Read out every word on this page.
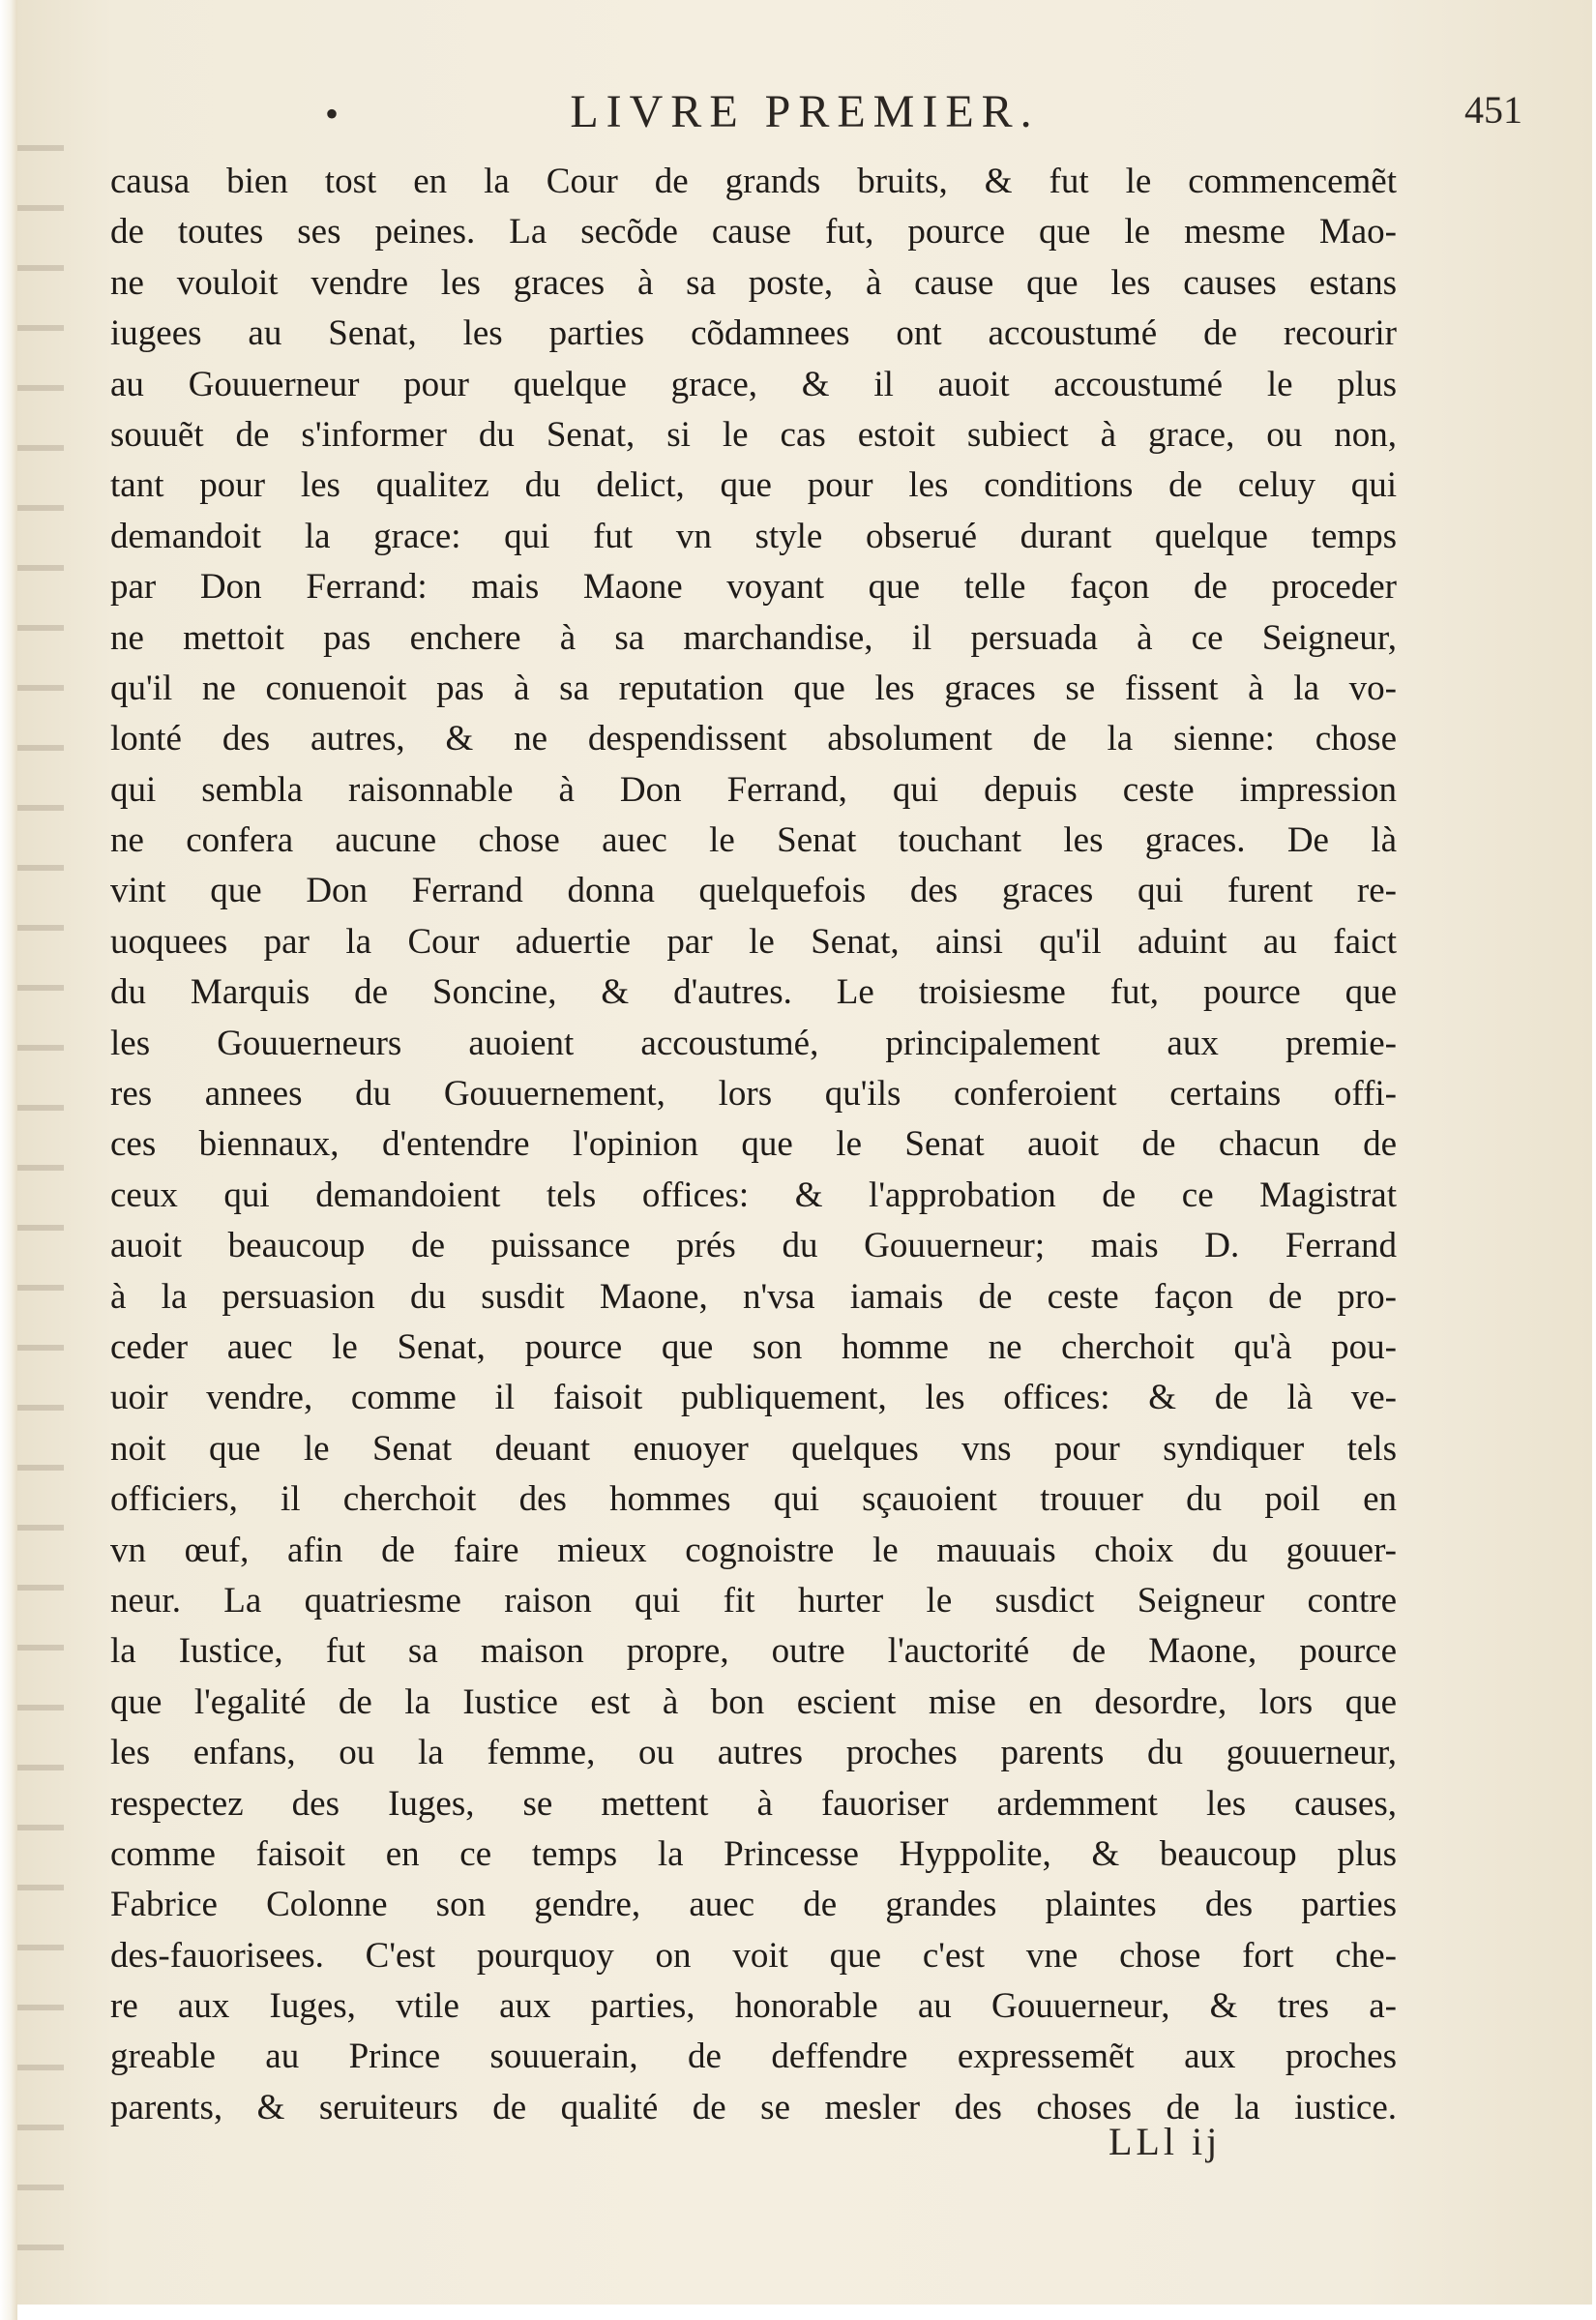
•	LIVRE PREMIER.	451
causa bien tost en la Cour de grands bruits, & fut le commencemẽt
de toutes ses peines. La secõde cause fut, pource que le mesme Mao-
ne vouloit vendre les graces à sa poste, à cause que les causes estans
iugees au Senat, les parties cõdamnees ont accoustumé de recourir
au Gouuerneur pour quelque grace, & il auoit accoustumé le plus
souuẽt de s'informer du Senat, si le cas estoit subiect à grace, ou non,
tant pour les qualitez du delict, que pour les conditions de celuy qui
demandoit la grace: qui fut vn style obserué durant quelque temps
par Don Ferrand: mais Maone voyant que telle façon de proceder
ne mettoit pas enchere à sa marchandise, il persuada à ce Seigneur,
qu'il ne conuenoit pas à sa reputation que les graces se fissent à la vo-
lonté des autres, & ne despendissent absolument de la sienne: chose
qui sembla raisonnable à Don Ferrand, qui depuis ceste impression
ne confera aucune chose auec le Senat touchant les graces. De là
vint que Don Ferrand donna quelquefois des graces qui furent re-
uoquees par la Cour aduertie par le Senat, ainsi qu'il aduint au faict
du Marquis de Soncine, & d'autres. Le troisiesme fut, pource que
les Gouuerneurs auoient accoustumé, principalement aux premie-
res annees du Gouuernement, lors qu'ils conferoient certains offi-
ces biennaux, d'entendre l'opinion que le Senat auoit de chacun de
ceux qui demandoient tels offices: & l'approbation de ce Magistrat
auoit beaucoup de puissance prés du Gouuerneur; mais D. Ferrand
à la persuasion du susdit Maone, n'vsa iamais de ceste façon de pro-
ceder auec le Senat, pource que son homme ne cherchoit qu'à pou-
uoir vendre, comme il faisoit publiquement, les offices: & de là ve-
noit que le Senat deuant enuoyer quelques vns pour syndiquer tels
officiers, il cherchoit des hommes qui sçauoient trouuer du poil en
vn œuf, afin de faire mieux cognoistre le mauuais choix du gouuer-
neur. La quatriesme raison qui fit hurter le susdict Seigneur contre
la Iustice, fut sa maison propre, outre l'auctorité de Maone, pource
que l'egalité de la Iustice est à bon escient mise en desordre, lors que
les enfans, ou la femme, ou autres proches parents du gouuerneur,
respectez des Iuges, se mettent à fauoriser ardemment les causes,
comme faisoit en ce temps la Princesse Hyppolite, & beaucoup plus
Fabrice Colonne son gendre, auec de grandes plaintes des parties
des-fauorisees. C'est pourquoy on voit que c'est vne chose fort che-
re aux Iuges, vtile aux parties, honorable au Gouuerneur, & tres a-
greable au Prince souuerain, de deffendre expressemẽt aux proches
parents, & seruiteurs de qualité de se mesler des choses de la iustice.
LLl ij
